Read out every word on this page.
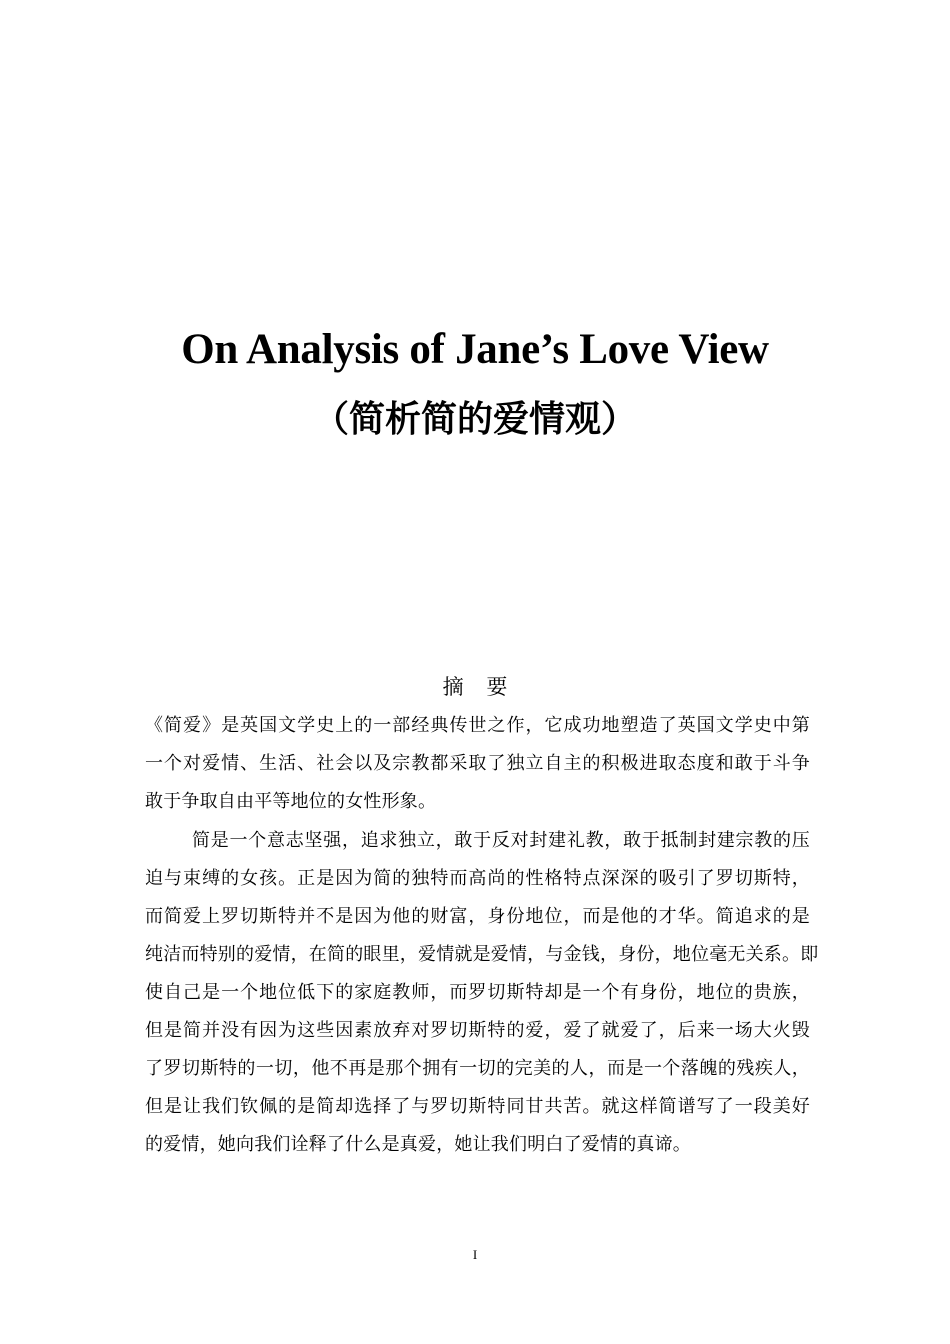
On Analysis of Jane’s Love View
（简析简的爱情观）
摘 要
《简爱》是英国文学史上的一部经典传世之作，它成功地塑造了英国文学史中第
一个对爱情、生活、社会以及宗教都采取了独立自主的积极进取态度和敢于斗争
敢于争取自由平等地位的女性形象。
简是一个意志坚强，追求独立，敢于反对封建礼教，敢于抵制封建宗教的压
迫与束缚的女孩。正是因为简的独特而高尚的性格特点深深的吸引了罗切斯特，
而简爱上罗切斯特并不是因为他的财富，身份地位，而是他的才华。简追求的是
纯洁而特别的爱情，在简的眼里，爱情就是爱情，与金钱，身份，地位毫无关系。即
使自己是一个地位低下的家庭教师，而罗切斯特却是一个有身份，地位的贵族，
但是简并没有因为这些因素放弃对罗切斯特的爱，爱了就爱了，后来一场大火毁
了罗切斯特的一切，他不再是那个拥有一切的完美的人，而是一个落魄的残疾人，
但是让我们钦佩的是简却选择了与罗切斯特同甘共苦。就这样简谱写了一段美好
的爱情，她向我们诠释了什么是真爱，她让我们明白了爱情的真谛。
I
